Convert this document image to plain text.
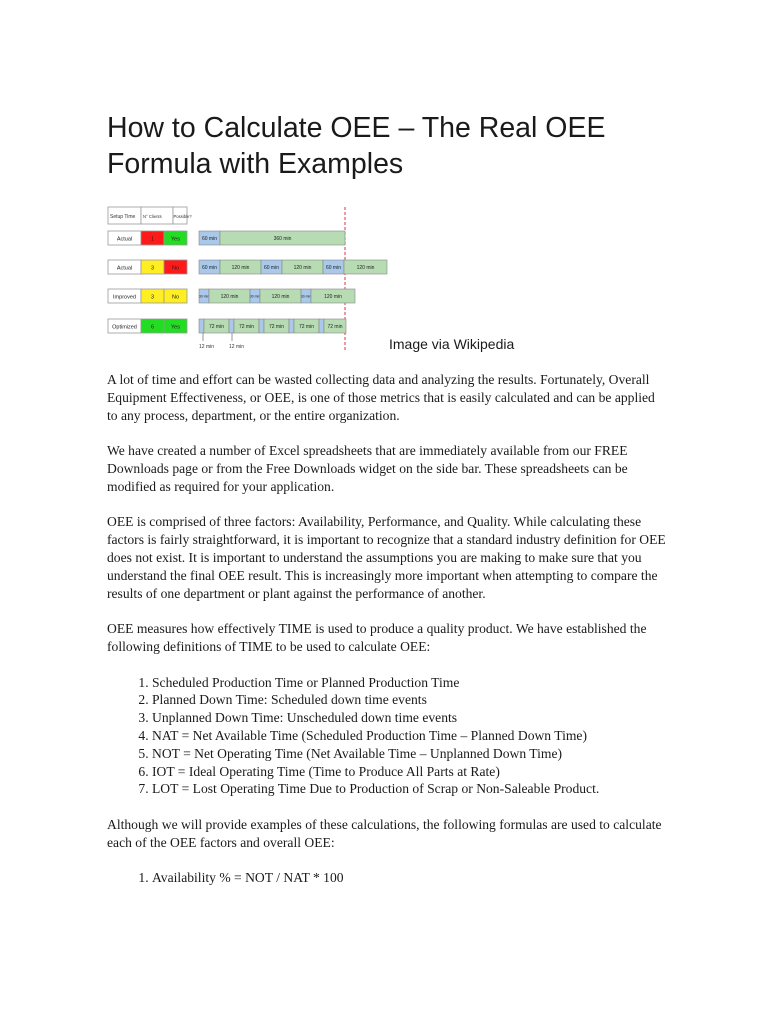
How to Calculate OEE – The Real OEE Formula with Examples
Setup Time N° Clients	Possible?
Actual	1	Yes	60 min	360 min
Actual	3	No	60 min	120 min	60 min	120 min	60 min	120 min
Improved	3	No	30 min 120 min	30 min 120 min	30 min	120 min
Optimized	6	Yes	72 min	72 min	72 min	72 min	72 min
12 min	12 min	Image via Wikipedia

A lot of time and effort can be wasted collecting data and analyzing the results. Fortunately, Overall Equipment Effectiveness, or OEE, is one of those metrics that is easily calculated and can be applied to any process, department, or the entire organization.

We have created a number of Excel spreadsheets that are immediately available from our FREE Downloads page or from the Free Downloads widget on the side bar. These spreadsheets can be modified as required for your application.

OEE is comprised of three factors: Availability, Performance, and Quality. While calculating these factors is fairly straightforward, it is important to recognize that a standard industry definition for OEE does not exist. It is important to understand the assumptions you are making to make sure that you understand the final OEE result. This is increasingly more important when attempting to compare the results of one department or plant against the performance of another.

OEE measures how effectively TIME is used to produce a quality product. We have established the following definitions of TIME to be used to calculate OEE:

1. Scheduled Production Time or Planned Production Time
2. Planned Down Time: Scheduled down time events
3. Unplanned Down Time: Unscheduled down time events
4. NAT = Net Available Time (Scheduled Production Time – Planned Down Time)
5. NOT = Net Operating Time (Net Available Time – Unplanned Down Time)
6. IOT = Ideal Operating Time (Time to Produce All Parts at Rate)
7. LOT = Lost Operating Time Due to Production of Scrap or Non-Saleable Product.

Although we will provide examples of these calculations, the following formulas are used to calculate each of the OEE factors and overall OEE:

1. Availability % = NOT / NAT * 100
